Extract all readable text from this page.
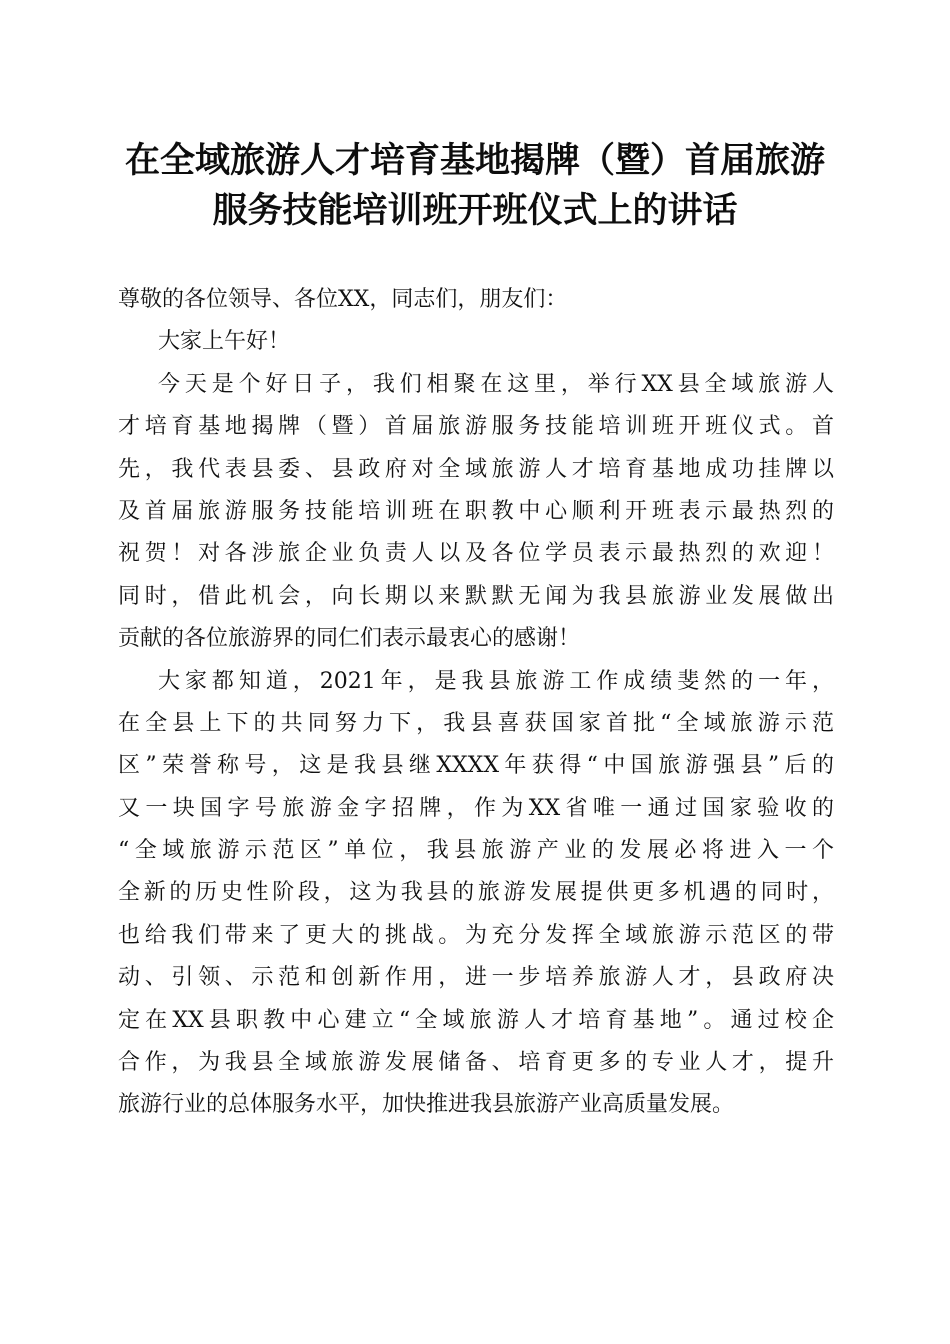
在全域旅游人才培育基地揭牌（暨）首届旅游
服务技能培训班开班仪式上的讲话
尊敬的各位领导、各位XX，同志们，朋友们：
大家上午好！
今天是个好日子，我们相聚在这里，举行XX县全域旅游人
才培育基地揭牌（暨）首届旅游服务技能培训班开班仪式。首
先，我代表县委、县政府对全域旅游人才培育基地成功挂牌以
及首届旅游服务技能培训班在职教中心顺利开班表示最热烈的
祝贺！对各涉旅企业负责人以及各位学员表示最热烈的欢迎！
同时，借此机会，向长期以来默默无闻为我县旅游业发展做出
贡献的各位旅游界的同仁们表示最衷心的感谢！
大家都知道，2021年，是我县旅游工作成绩斐然的一年，
在全县上下的共同努力下，我县喜获国家首批“全域旅游示范
区”荣誉称号，这是我县继XXXX年获得“中国旅游强县”后的
又一块国字号旅游金字招牌，作为XX省唯一通过国家验收的
“全域旅游示范区”单位，我县旅游产业的发展必将进入一个
全新的历史性阶段，这为我县的旅游发展提供更多机遇的同时，
也给我们带来了更大的挑战。为充分发挥全域旅游示范区的带
动、引领、示范和创新作用，进一步培养旅游人才，县政府决
定在XX县职教中心建立“全域旅游人才培育基地”。通过校企
合作，为我县全域旅游发展储备、培育更多的专业人才，提升
旅游行业的总体服务水平，加快推进我县旅游产业高质量发展。
